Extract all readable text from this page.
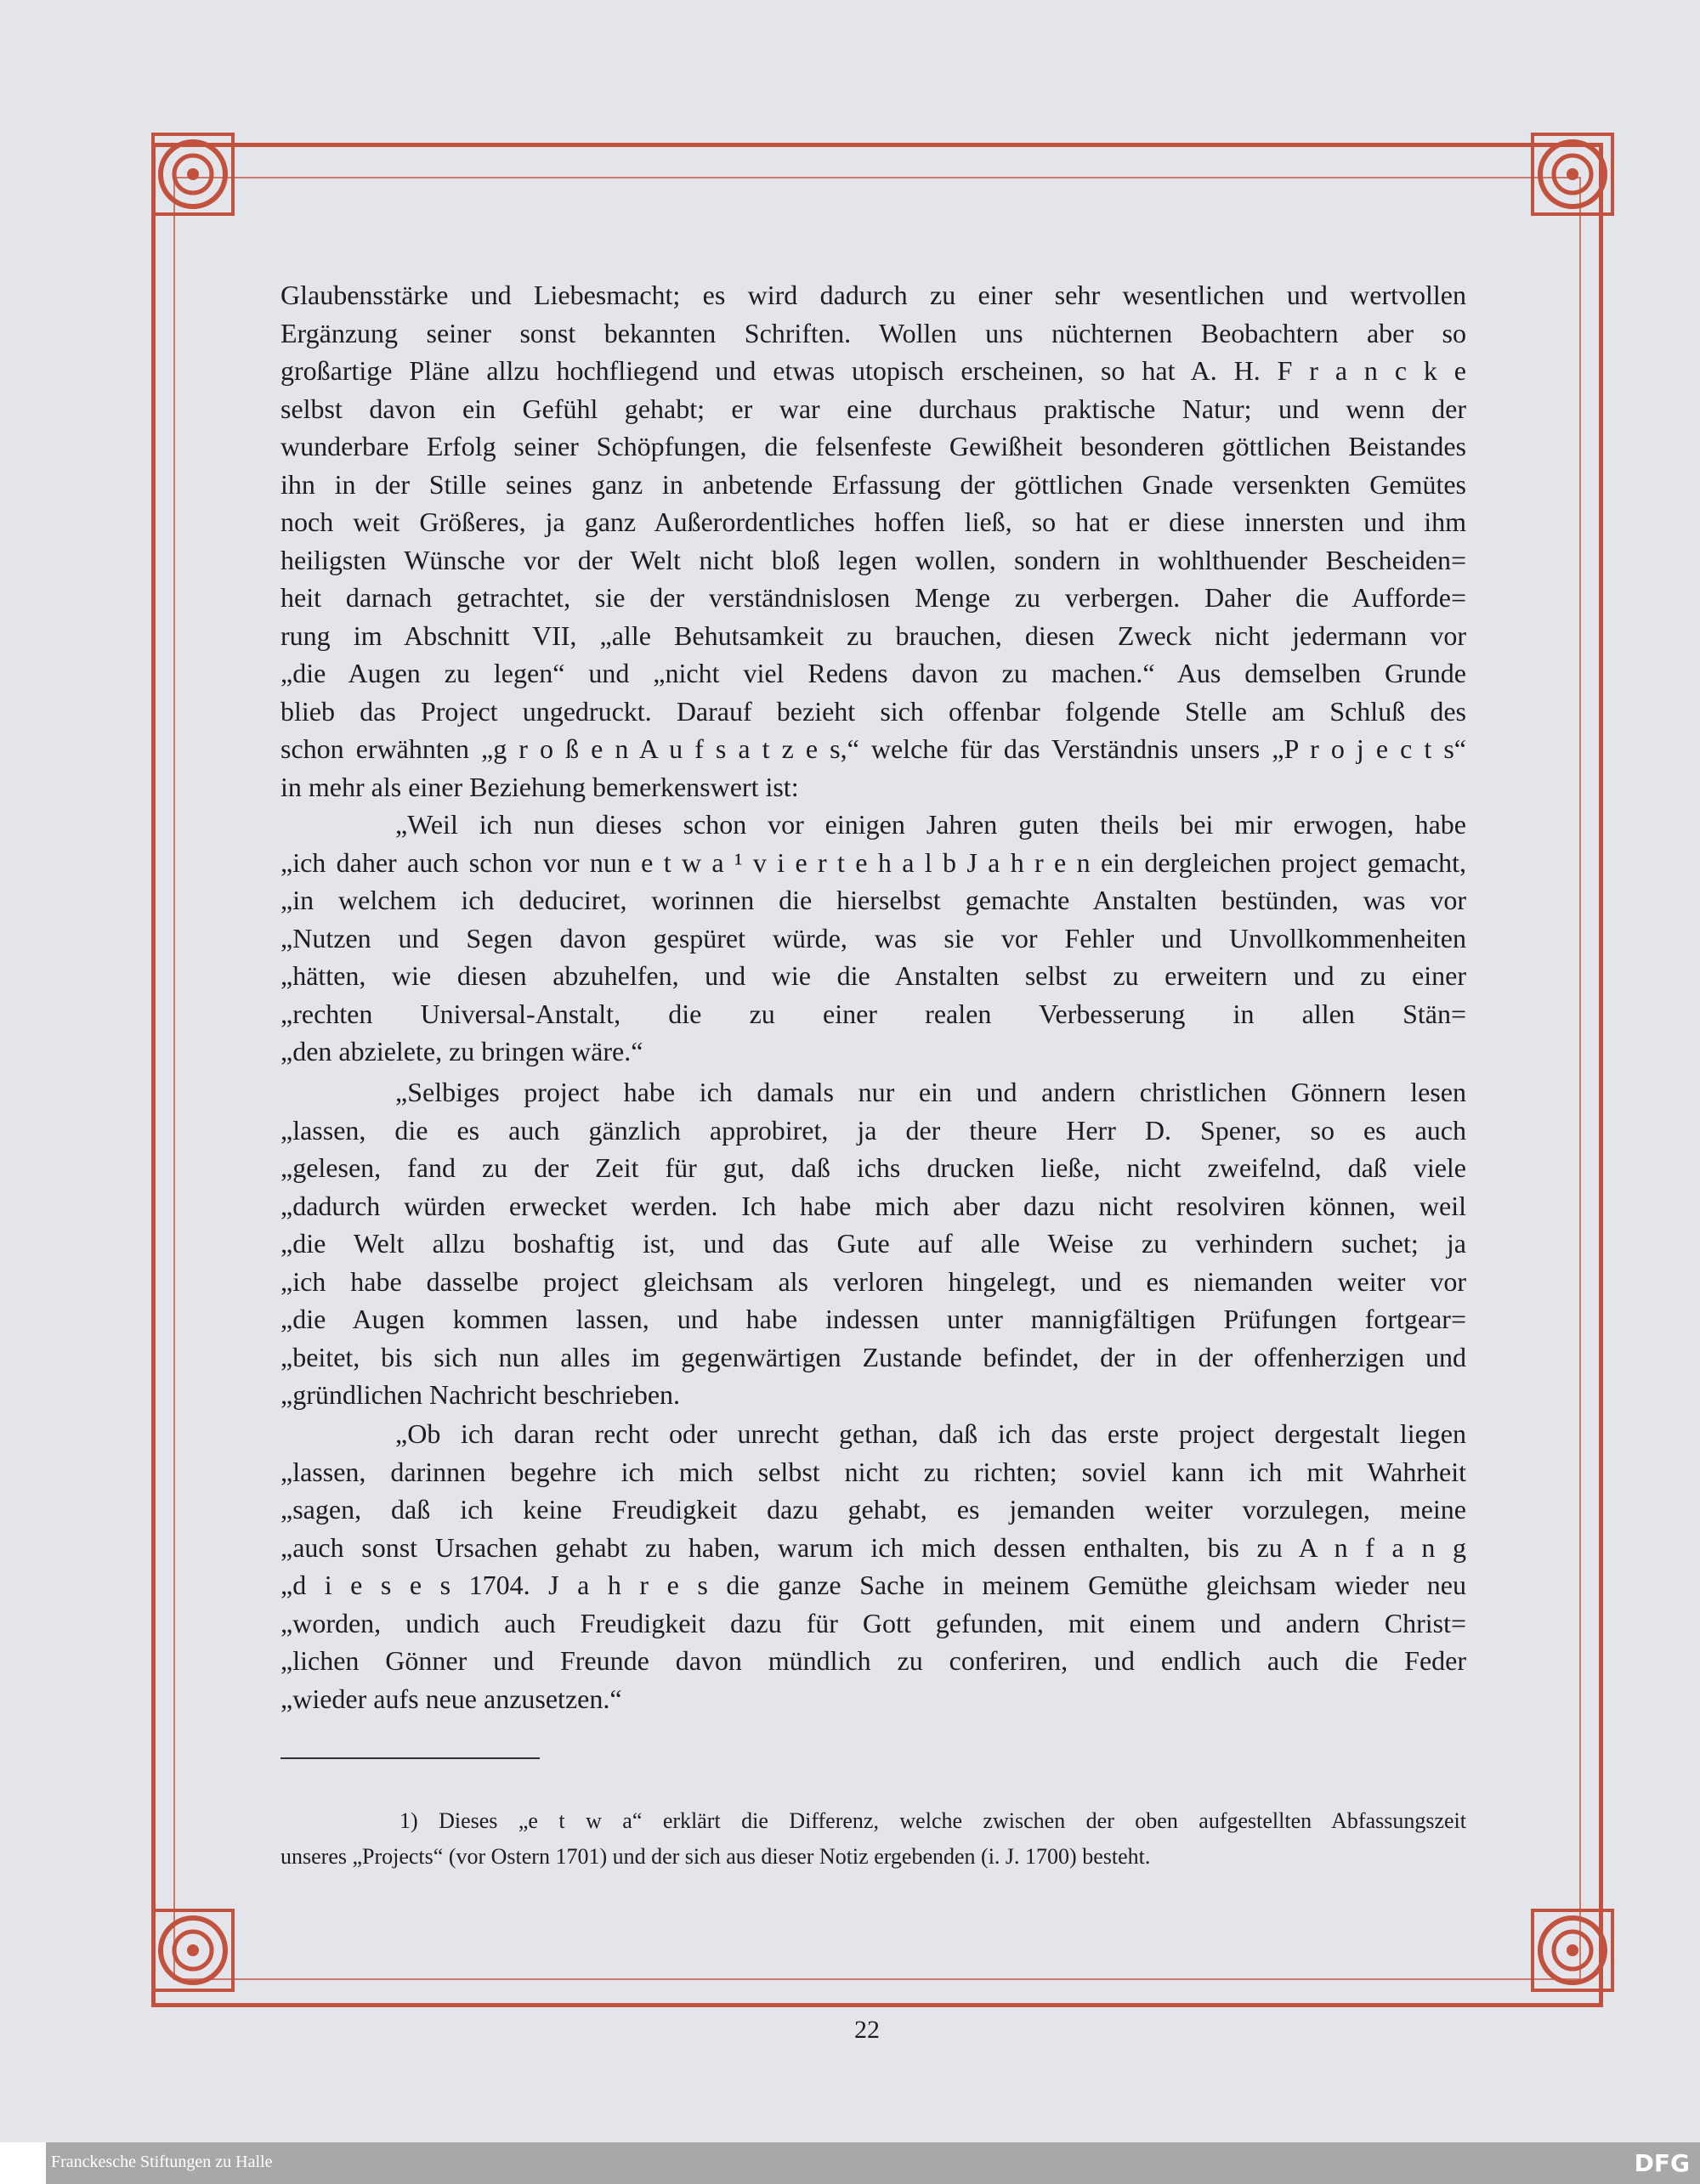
Glaubensstärke und Liebesmacht; es wird dadurch zu einer sehr wesentlichen und wertvollen
Ergänzung seiner sonst bekannten Schriften. Wollen uns nüchternen Beobachtern aber so
großartige Pläne allzu hochfliegend und etwas utopisch erscheinen, so hat A. H. F r a n c k e
selbst davon ein Gefühl gehabt; er war eine durchaus praktische Natur; und wenn der
wunderbare Erfolg seiner Schöpfungen, die felsenfeste Gewißheit besonderen göttlichen Beistandes
ihn in der Stille seines ganz in anbetende Erfassung der göttlichen Gnade versenkten Gemütes
noch weit Größeres, ja ganz Außerordentliches hoffen ließ, so hat er diese innersten und ihm
heiligsten Wünsche vor der Welt nicht bloß legen wollen, sondern in wohlthuender Bescheiden=
heit darnach getrachtet, sie der verständnislosen Menge zu verbergen. Daher die Aufforde=
rung im Abschnitt VII, „alle Behutsamkeit zu brauchen, diesen Zweck nicht jedermann vor
„die Augen zu legen“ und „nicht viel Redens davon zu machen.“ Aus demselben Grunde
blieb das Project ungedruckt. Darauf bezieht sich offenbar folgende Stelle am Schluß des
schon erwähnten „g r o ß e n A u f s a t z e s,“ welche für das Verständnis unsers „P r o j e c t s“
in mehr als einer Beziehung bemerkenswert ist:
„Weil ich nun dieses schon vor einigen Jahren guten theils bei mir erwogen, habe
„ich daher auch schon vor nun e t w a ¹ v i e r t e h a l b J a h r e n ein dergleichen project gemacht,
„in welchem ich deduciret, worinnen die hierselbst gemachte Anstalten bestünden, was vor
„Nutzen und Segen davon gespüret würde, was sie vor Fehler und Unvollkommenheiten
„hätten, wie diesen abzuhelfen, und wie die Anstalten selbst zu erweitern und zu einer
„rechten Universal-Anstalt, die zu einer realen Verbesserung in allen Stän=
„den abzielete, zu bringen wäre.“
„Selbiges project habe ich damals nur ein und andern christlichen Gönnern lesen
„lassen, die es auch gänzlich approbiret, ja der theure Herr D. Spener, so es auch
„gelesen, fand zu der Zeit für gut, daß ichs drucken ließe, nicht zweifelnd, daß viele
„dadurch würden erwecket werden. Ich habe mich aber dazu nicht resolviren können, weil
„die Welt allzu boshaftig ist, und das Gute auf alle Weise zu verhindern suchet; ja
„ich habe dasselbe project gleichsam als verloren hingelegt, und es niemanden weiter vor
„die Augen kommen lassen, und habe indessen unter mannigfältigen Prüfungen fortgear=
„beitet, bis sich nun alles im gegenwärtigen Zustande befindet, der in der offenherzigen und
„gründlichen Nachricht beschrieben.
„Ob ich daran recht oder unrecht gethan, daß ich das erste project dergestalt liegen
„lassen, darinnen begehre ich mich selbst nicht zu richten; soviel kann ich mit Wahrheit
„sagen, daß ich keine Freudigkeit dazu gehabt, es jemanden weiter vorzulegen, meine
„auch sonst Ursachen gehabt zu haben, warum ich mich dessen enthalten, bis zu A n f a n g
„d i e s e s 1704. J a h r e s die ganze Sache in meinem Gemüthe gleichsam wieder neu
„worden, undich auch Freudigkeit dazu für Gott gefunden, mit einem und andern Christ=
„lichen Gönner und Freunde davon mündlich zu conferiren, und endlich auch die Feder
„wieder aufs neue anzusetzen.“
1) Dieses „e t w a“ erklärt die Differenz, welche zwischen der oben aufgestellten Abfassungszeit
unseres „Projects“ (vor Ostern 1701) und der sich aus dieser Notiz ergebenden (i. J. 1700) besteht.
22
Franckesche Stiftungen zu Halle	DFG
